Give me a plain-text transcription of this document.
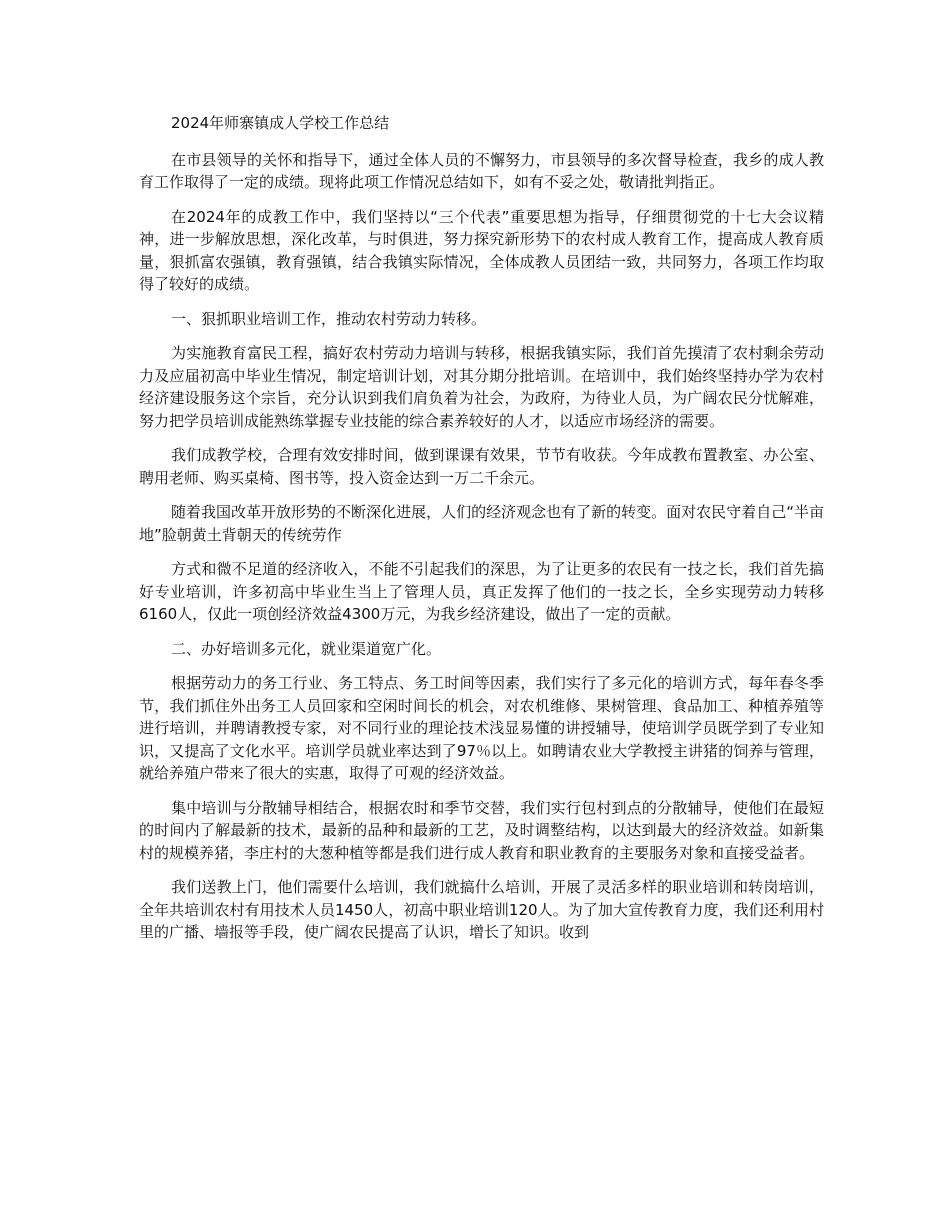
2024年师寨镇成人学校工作总结

在市县领导的关怀和指导下，通过全体人员的不懈努力，市县领导的多次督导检查，我乡的成人教育工作取得了一定的成绩。现将此项工作情况总结如下，如有不妥之处，敬请批判指正。

在2024年的成教工作中，我们坚持以“三个代表”重要思想为指导，仔细贯彻党的十七大会议精神，进一步解放思想，深化改革，与时俱进，努力探究新形势下的农村成人教育工作，提高成人教育质量，狠抓富农强镇，教育强镇，结合我镇实际情况，全体成教人员团结一致，共同努力，各项工作均取得了较好的成绩。

一、狠抓职业培训工作，推动农村劳动力转移。

为实施教育富民工程，搞好农村劳动力培训与转移，根据我镇实际，我们首先摸清了农村剩余劳动力及应届初高中毕业生情况，制定培训计划，对其分期分批培训。在培训中，我们始终坚持办学为农村经济建设服务这个宗旨，充分认识到我们肩负着为社会，为政府，为待业人员，为广阔农民分忧解难，努力把学员培训成能熟练掌握专业技能的综合素养较好的人才，以适应市场经济的需要。

我们成教学校，合理有效安排时间，做到课课有效果，节节有收获。今年成教布置教室、办公室、聘用老师、购买桌椅、图书等，投入资金达到一万二千余元。

随着我国改革开放形势的不断深化进展，人们的经济观念也有了新的转变。面对农民守着自己“半亩地”脸朝黄土背朝天的传统劳作

方式和微不足道的经济收入，不能不引起我们的深思，为了让更多的农民有一技之长，我们首先搞好专业培训，许多初高中毕业生当上了管理人员，真正发挥了他们的一技之长，全乡实现劳动力转移6160人，仅此一项创经济效益4300万元，为我乡经济建设，做出了一定的贡献。

二、办好培训多元化，就业渠道宽广化。

根据劳动力的务工行业、务工特点、务工时间等因素，我们实行了多元化的培训方式，每年春冬季节，我们抓住外出务工人员回家和空闲时间长的机会，对农机维修、果树管理、食品加工、种植养殖等进行培训，并聘请教授专家，对不同行业的理论技术浅显易懂的讲授辅导，使培训学员既学到了专业知识，又提高了文化水平。培训学员就业率达到了97％以上。如聘请农业大学教授主讲猪的饲养与管理，就给养殖户带来了很大的实惠，取得了可观的经济效益。

集中培训与分散辅导相结合，根据农时和季节交替，我们实行包村到点的分散辅导，使他们在最短的时间内了解最新的技术，最新的品种和最新的工艺，及时调整结构，以达到最大的经济效益。如新集村的规模养猪，李庄村的大葱种植等都是我们进行成人教育和职业教育的主要服务对象和直接受益者。

我们送教上门，他们需要什么培训，我们就搞什么培训，开展了灵活多样的职业培训和转岗培训，全年共培训农村有用技术人员1450人，初高中职业培训120人。为了加大宣传教育力度，我们还利用村里的广播、墙报等手段，使广阔农民提高了认识，增长了知识。收到
